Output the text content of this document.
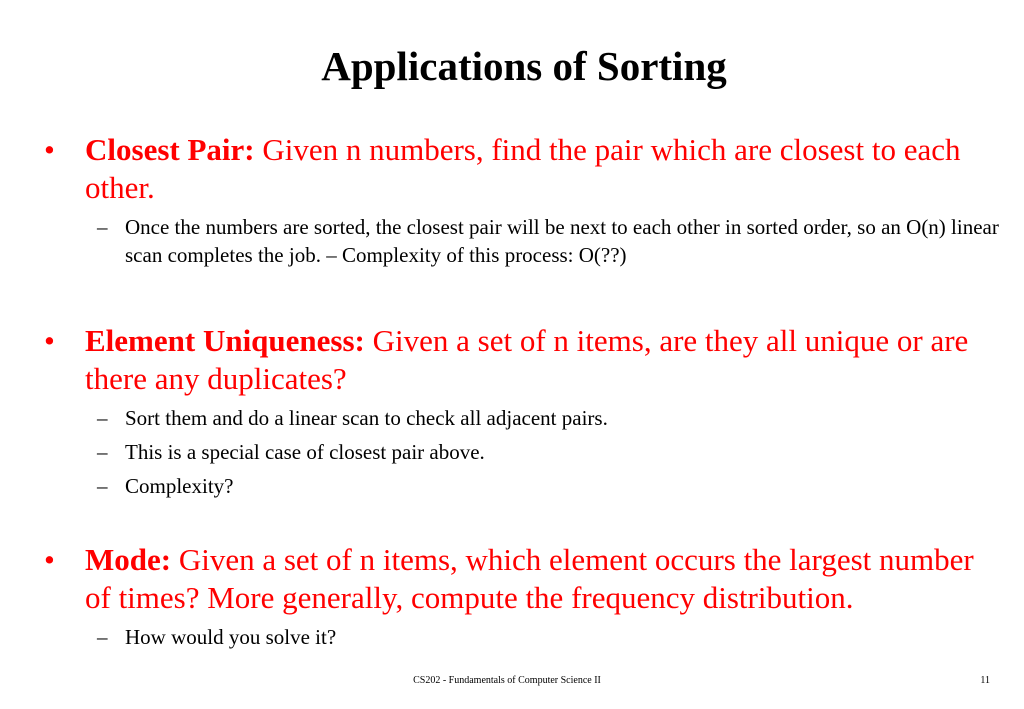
Applications of Sorting
• Closest Pair: Given n numbers, find the pair which are closest to each other.
– Once the numbers are sorted, the closest pair will be next to each other in sorted order, so an O(n) linear scan completes the job. – Complexity of this process: O(??)
• Element Uniqueness: Given a set of n items, are they all unique or are there any duplicates?
– Sort them and do a linear scan to check all adjacent pairs.
– This is a special case of closest pair above.
– Complexity?
• Mode: Given a set of n items, which element occurs the largest number of times? More generally, compute the frequency distribution.
– How would you solve it?
CS202 - Fundamentals of Computer Science II	11
